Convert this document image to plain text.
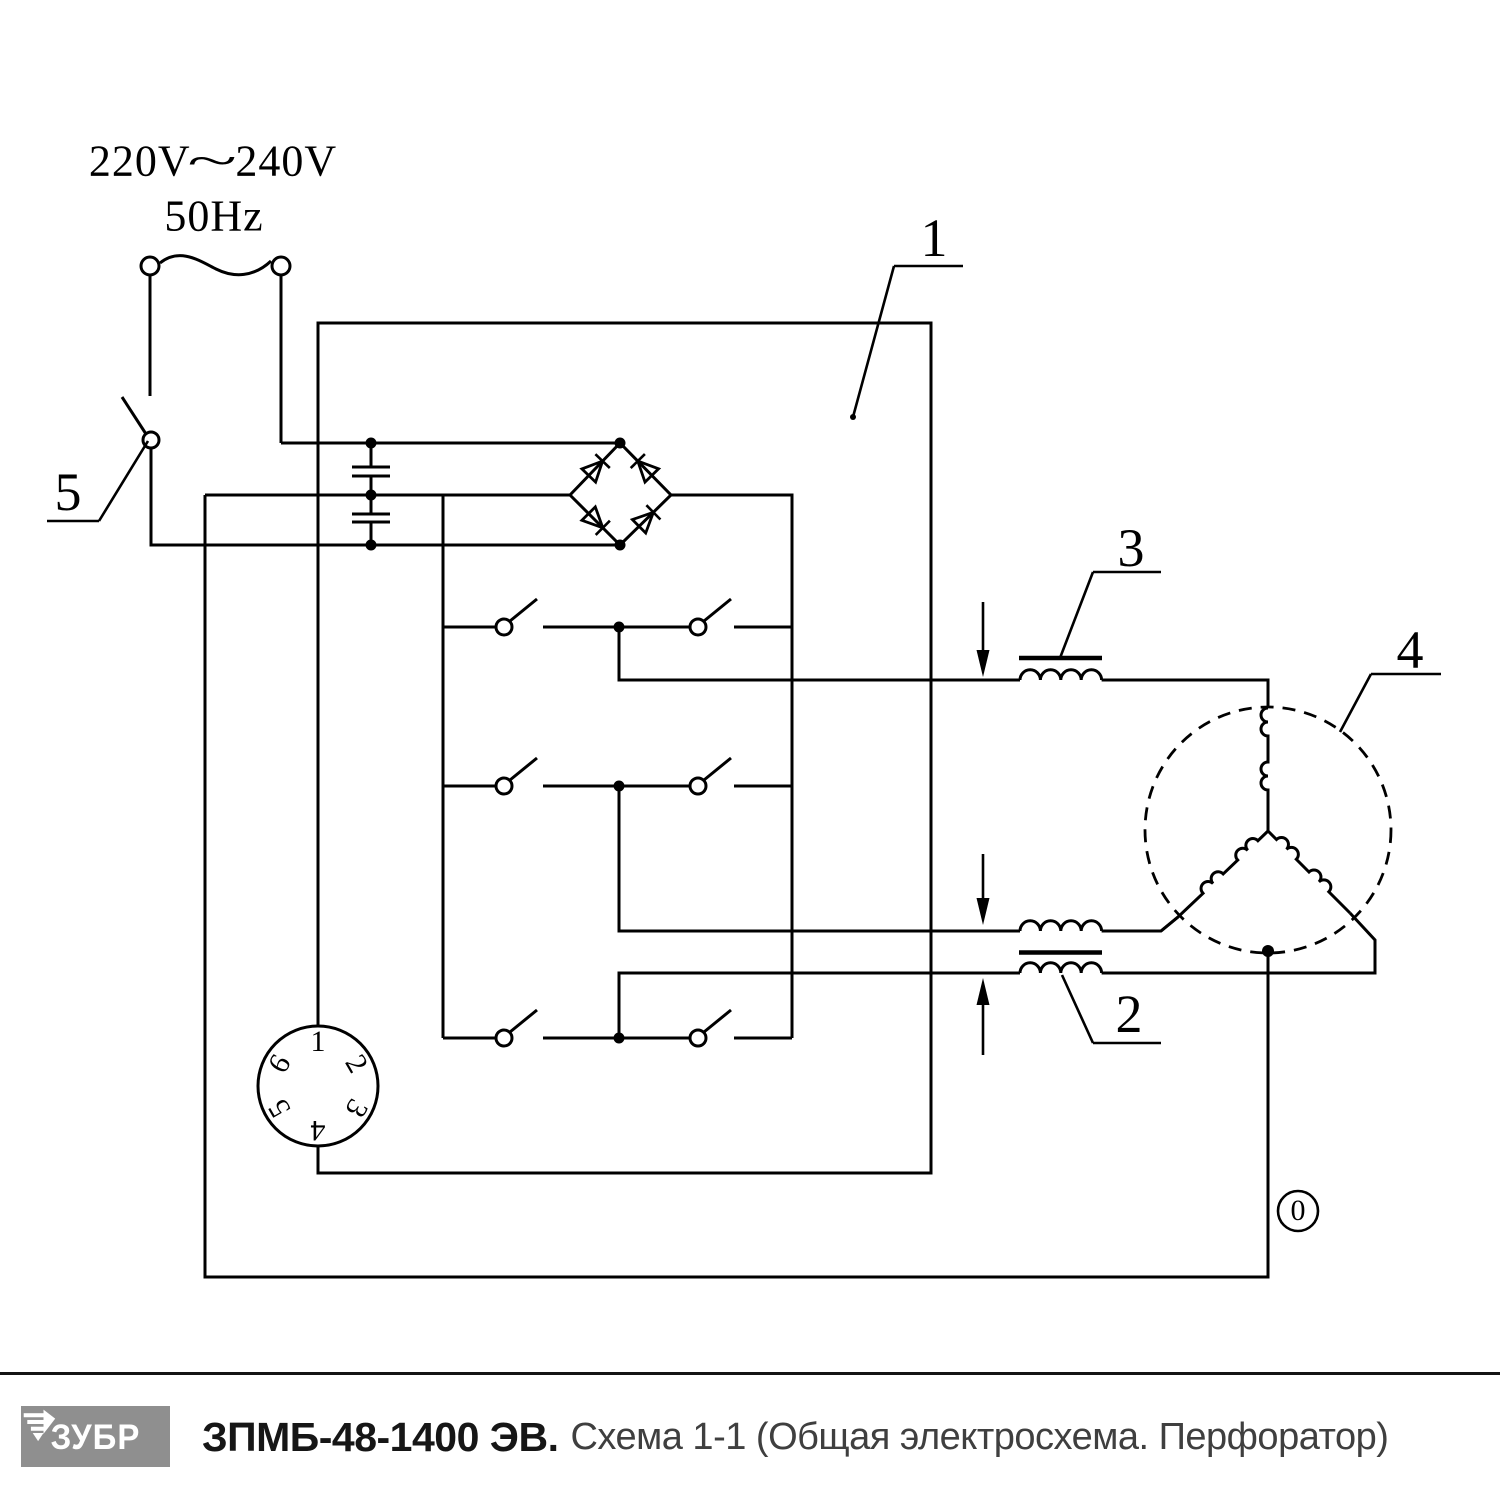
220V~240V
50Hz	1
3
2
4
5
0
1
2
3
4
5
6
ЗУБР ЗПМБ-48-1400 ЭВ. Схема 1-1 (Общая электросхема. Перфоратор)
